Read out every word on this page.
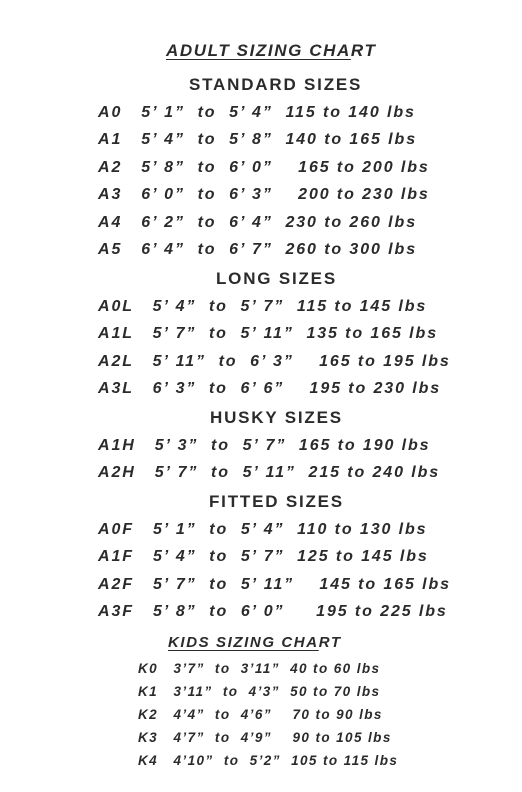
ADULT SIZING CHART
STANDARD SIZES
A0   5’ 1”  to  5’ 4”  115 to 140 lbs
A1   5’ 4”  to  5’ 8”  140 to 165 lbs
A2   5’ 8”  to  6’ 0”    165 to 200 lbs
A3   6’ 0”  to  6’ 3”    200 to 230 lbs
A4   6’ 2”  to  6’ 4”  230 to 260 lbs
A5   6’ 4”  to  6’ 7”  260 to 300 lbs
LONG SIZES
A0L   5’ 4”  to  5’ 7”  115 to 145 lbs
A1L   5’ 7”  to  5’ 11”  135 to 165 lbs
A2L   5’ 11”  to  6’ 3”    165 to 195 lbs
A3L   6’ 3”  to  6’ 6”    195 to 230 lbs
HUSKY SIZES
A1H   5’ 3”  to  5’ 7”  165 to 190 lbs
A2H   5’ 7”  to  5’ 11”  215 to 240 lbs
FITTED SIZES
A0F   5’ 1”  to  5’ 4”  110 to 130 lbs
A1F   5’ 4”  to  5’ 7”  125 to 145 lbs
A2F   5’ 7”  to  5’ 11”    145 to 165 lbs
A3F   5’ 8”  to  6’ 0”     195 to 225 lbs
KIDS SIZING CHART
K0   3’7”  to  3’11”  40 to 60 lbs
K1   3’11”  to  4’3”  50 to 70 lbs
K2   4’4”  to  4’6”    70 to 90 lbs
K3   4’7”  to  4’9”    90 to 105 lbs
K4   4’10”  to  5’2”  105 to 115 lbs
